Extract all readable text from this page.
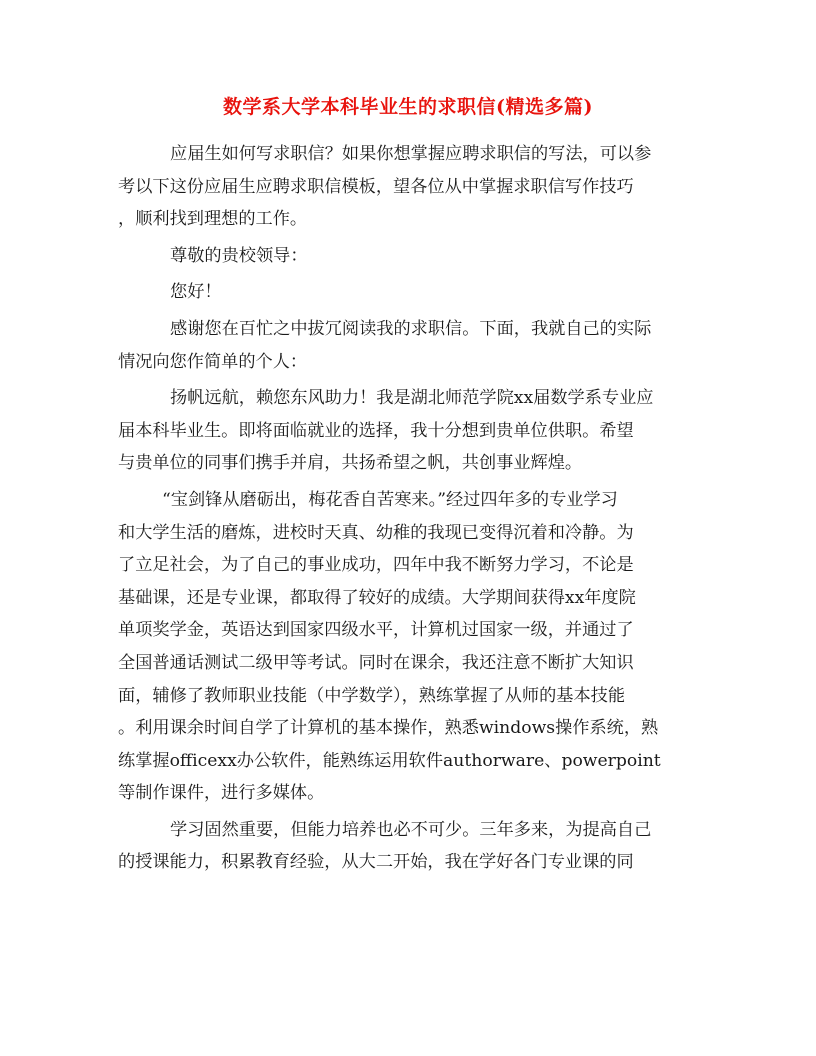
数学系大学本科毕业生的求职信(精选多篇)
应届生如何写求职信？如果你想掌握应聘求职信的写法，可以参
考以下这份应届生应聘求职信模板，望各位从中掌握求职信写作技巧
，顺利找到理想的工作。
尊敬的贵校领导：
您好！
感谢您在百忙之中拔冗阅读我的求职信。下面，我就自己的实际
情况向您作简单的个人：
扬帆远航，赖您东风助力！我是湖北师范学院xx届数学系专业应
届本科毕业生。即将面临就业的选择，我十分想到贵单位供职。希望
与贵单位的同事们携手并肩，共扬希望之帆，共创事业辉煌。
“宝剑锋从磨砺出，梅花香自苦寒来。”经过四年多的专业学习
和大学生活的磨炼，进校时天真、幼稚的我现已变得沉着和冷静。为
了立足社会，为了自己的事业成功，四年中我不断努力学习，不论是
基础课，还是专业课，都取得了较好的成绩。大学期间获得xx年度院
单项奖学金，英语达到国家四级水平，计算机过国家一级，并通过了
全国普通话测试二级甲等考试。同时在课余，我还注意不断扩大知识
面，辅修了教师职业技能（中学数学），熟练掌握了从师的基本技能
。利用课余时间自学了计算机的基本操作，熟悉windows操作系统，熟
练掌握officexx办公软件，能熟练运用软件authorware、powerpoint
等制作课件，进行多媒体。
学习固然重要，但能力培养也必不可少。三年多来，为提高自己
的授课能力，积累教育经验，从大二开始，我在学好各门专业课的同
